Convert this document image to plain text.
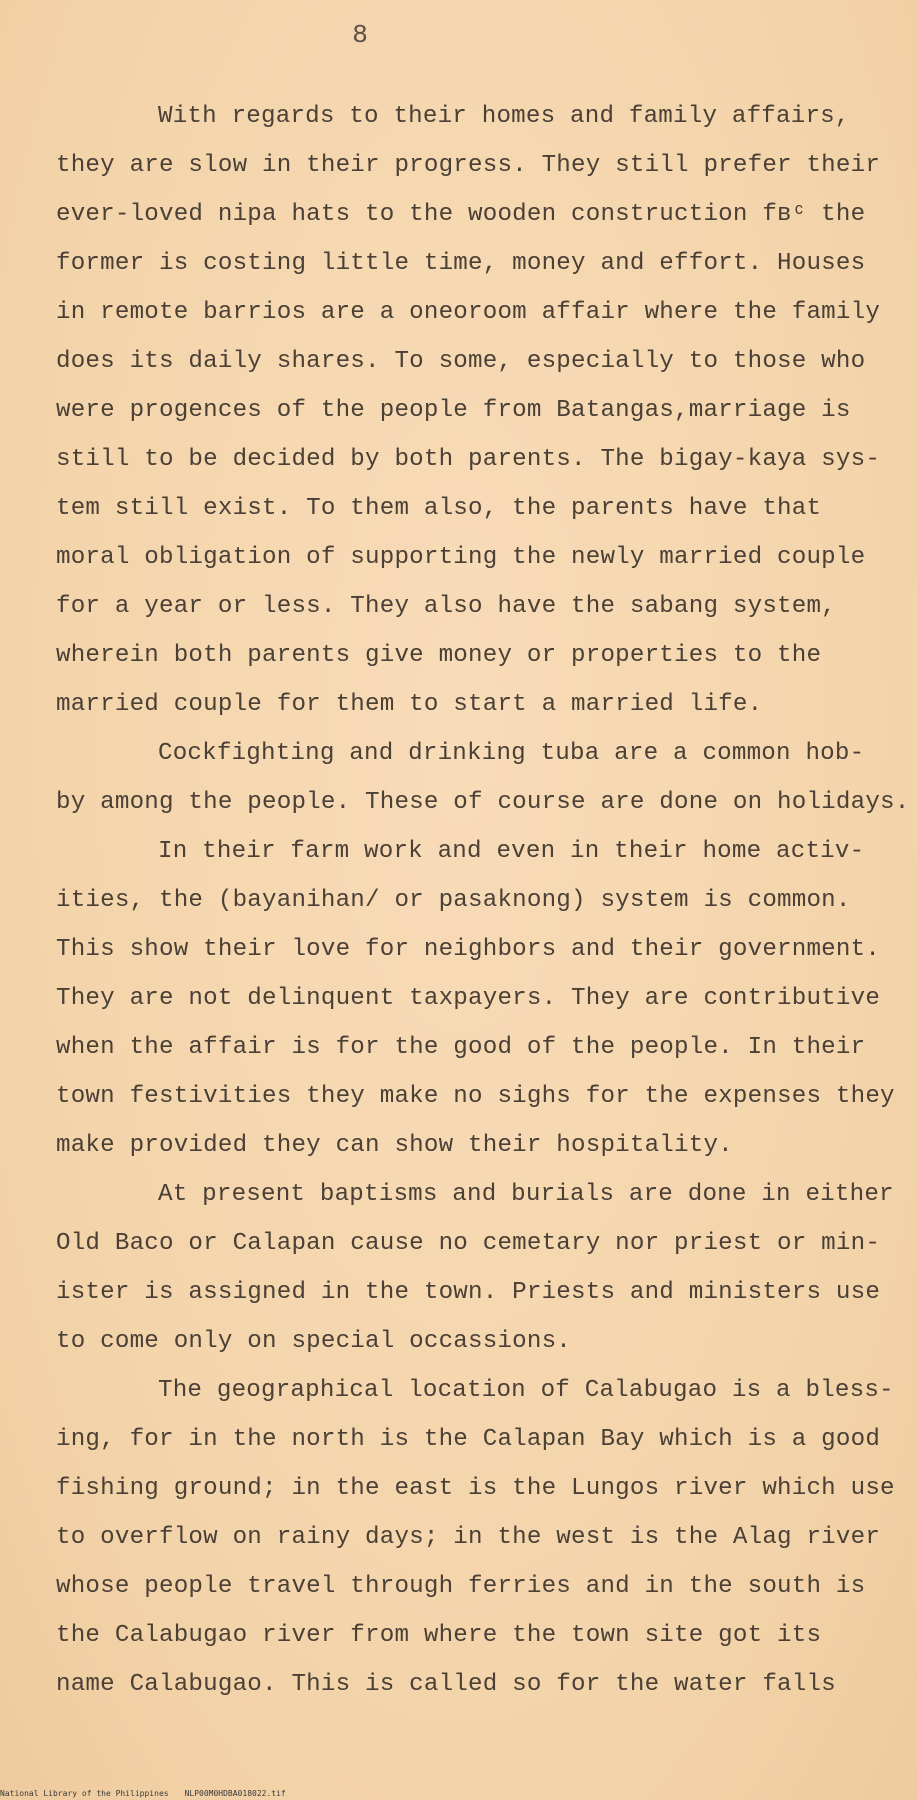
8
With regards to their homes and family affairs,
they are slow in their progress. They still prefer their
ever-loved nipa hats to the wooden construction fʙᶜ the
former is costing little time, money and effort. Houses
in remote barrios are a oneoroom affair where the family
does its daily shares. To some, especially to those who
were progences of the people from Batangas,marriage is
still to be decided by both parents. The bigay-kaya sys-
tem still exist. To them also, the parents have that
moral obligation of supporting the newly married couple
for a year or less. They also have the sabang system,
wherein both parents give money or properties to the
married couple for them to start a married life.
Cockfighting and drinking tuba are a common hob-
by among the people. These of course are done on holidays.
In their farm work and even in their home activ-
ities, the (bayanihan/ or pasaknong) system is common.
This show their love for neighbors and their government.
They are not delinquent taxpayers. They are contributive
when the affair is for the good of the people. In their
town festivities they make no sighs for the expenses they
make provided they can show their hospitality.
At present baptisms and burials are done in either
Old Baco or Calapan cause no cemetary nor priest or min-
ister is assigned in the town. Priests and ministers use
to come only on special occassions.
The geographical location of Calabugao is a bless-
ing, for in the north is the Calapan Bay which is a good
fishing ground; in the east is the Lungos river which use
to overflow on rainy days; in the west is the Alag river
whose people travel through ferries and in the south is
the Calabugao river from where the town site got its
name Calabugao. This is called so for the water falls
National Library of the Philippines NLP00M0HDBA018022.tif
